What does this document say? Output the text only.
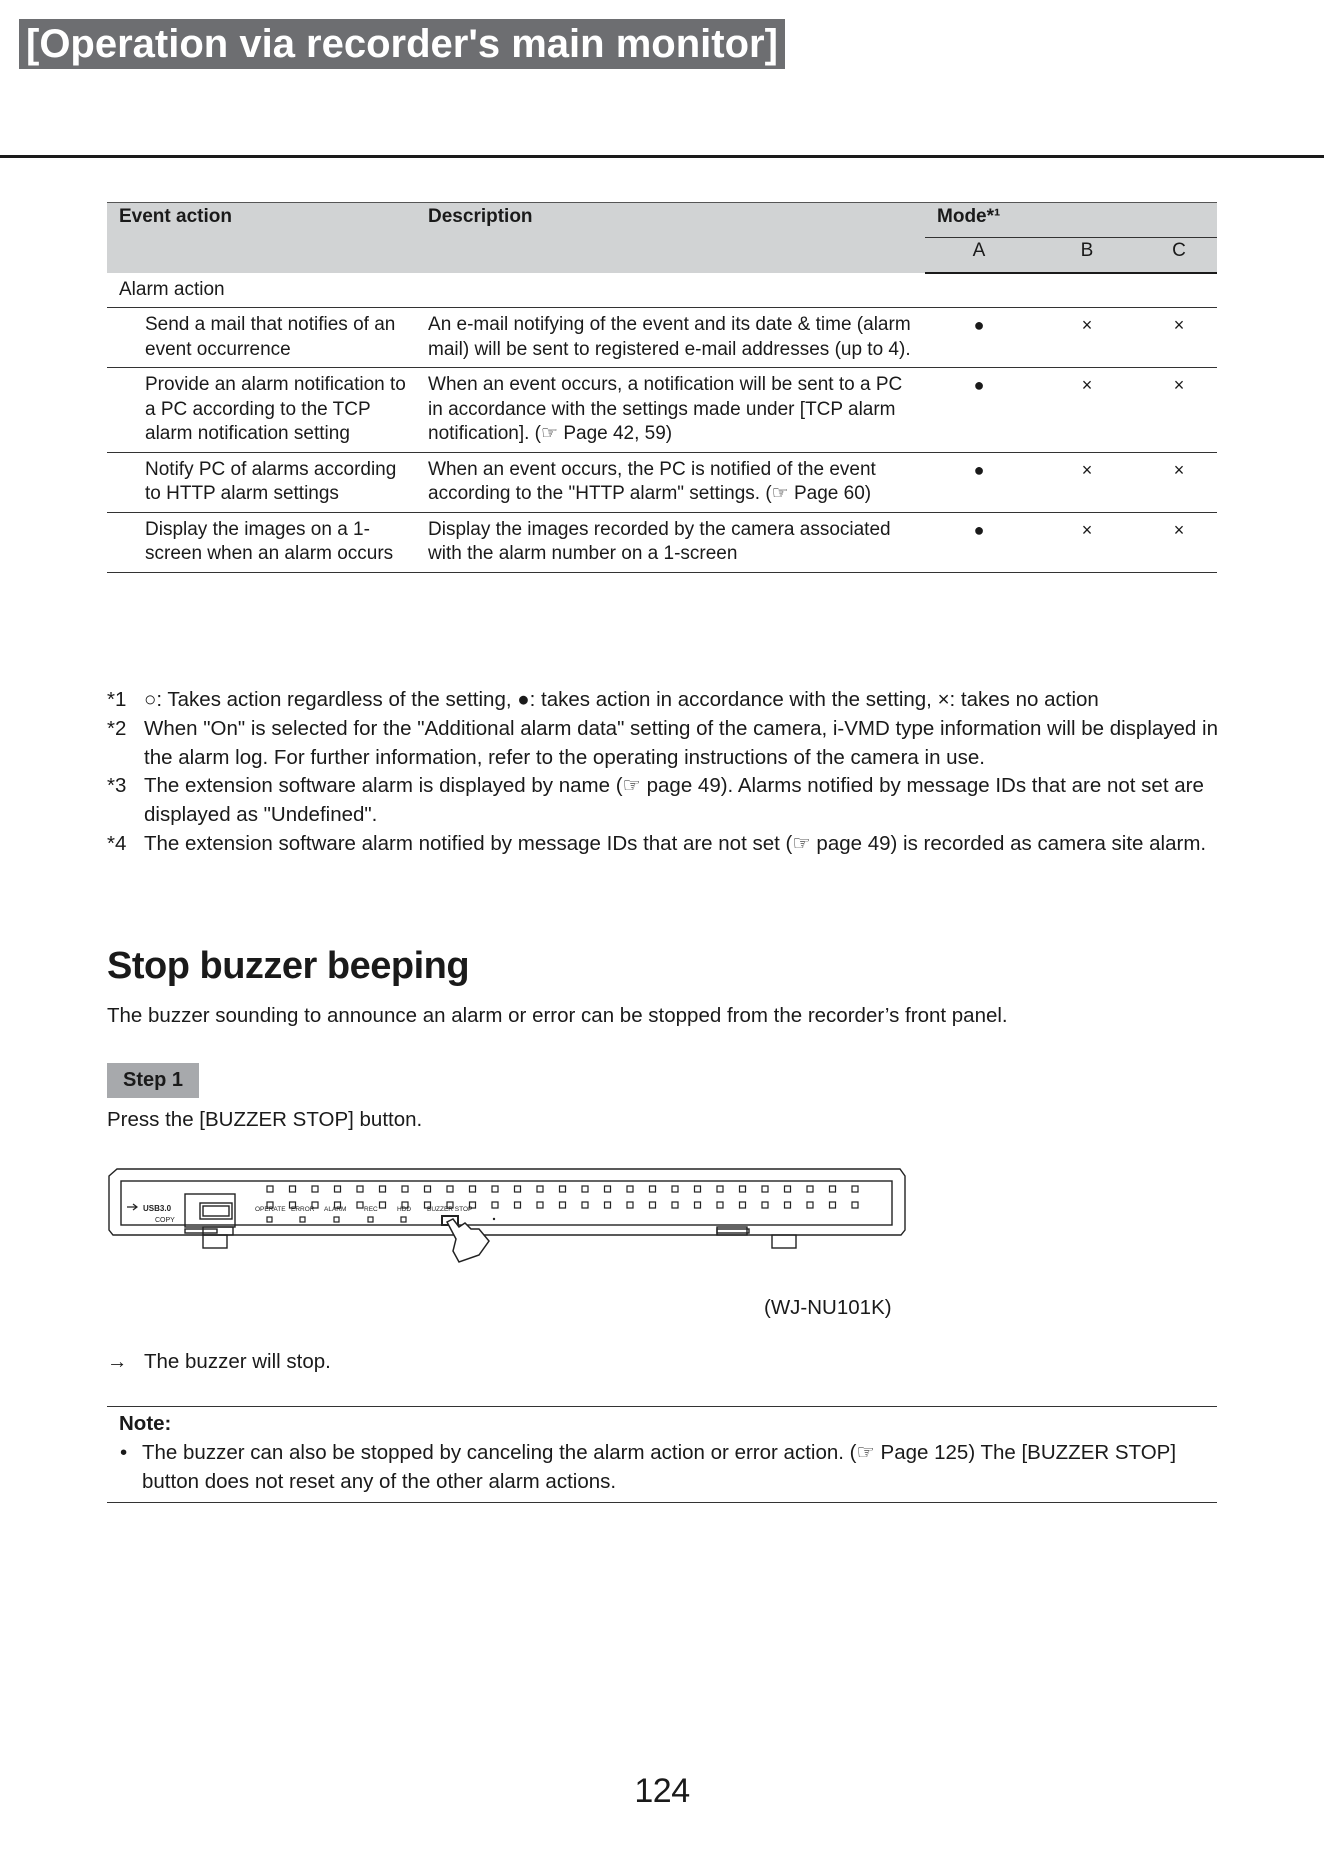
[Operation via recorder's main monitor]
Event action	Description	Mode*¹		
		A	B	C
Alarm action				
Send a mail that notifies of an event occurrence	An e-mail notifying of the event and its date & time (alarm mail) will be sent to registered e-mail addresses (up to 4).	●	×	×
Provide an alarm notification to a PC according to the TCP alarm notification setting	When an event occurs, a notification will be sent to a PC in accordance with the settings made under [TCP alarm notification]. (☞ Page 42, 59)	●	×	×
Notify PC of alarms according to HTTP alarm settings	When an event occurs, the PC is notified of the event according to the "HTTP alarm" settings. (☞ Page 60)	●	×	×
Display the images on a 1-screen when an alarm occurs	Display the images recorded by the camera associated with the alarm number on a 1-screen	●	×	×
*1 ○: Takes action regardless of the setting, ●: takes action in accordance with the setting, ×: takes no action
*2 When "On" is selected for the "Additional alarm data" setting of the camera, i-VMD type information will be displayed in the alarm log. For further information, refer to the operating instructions of the camera in use.
*3 The extension software alarm is displayed by name (☞ page 49). Alarms notified by message IDs that are not set are displayed as "Undefined".
*4 The extension software alarm notified by message IDs that are not set (☞ page 49) is recorded as camera site alarm.
Stop buzzer beeping
The buzzer sounding to announce an alarm or error can be stopped from the recorder’s front panel.
Step 1
Press the [BUZZER STOP] button.
USB3.0
COPY
OPERATE ERROR ALARM	REC	HDD BUZZER STOP
(WJ-NU101K)
→ The buzzer will stop.
Note:
• The buzzer can also be stopped by canceling the alarm action or error action. (☞ Page 125) The [BUZZER STOP] button does not reset any of the other alarm actions.
124
